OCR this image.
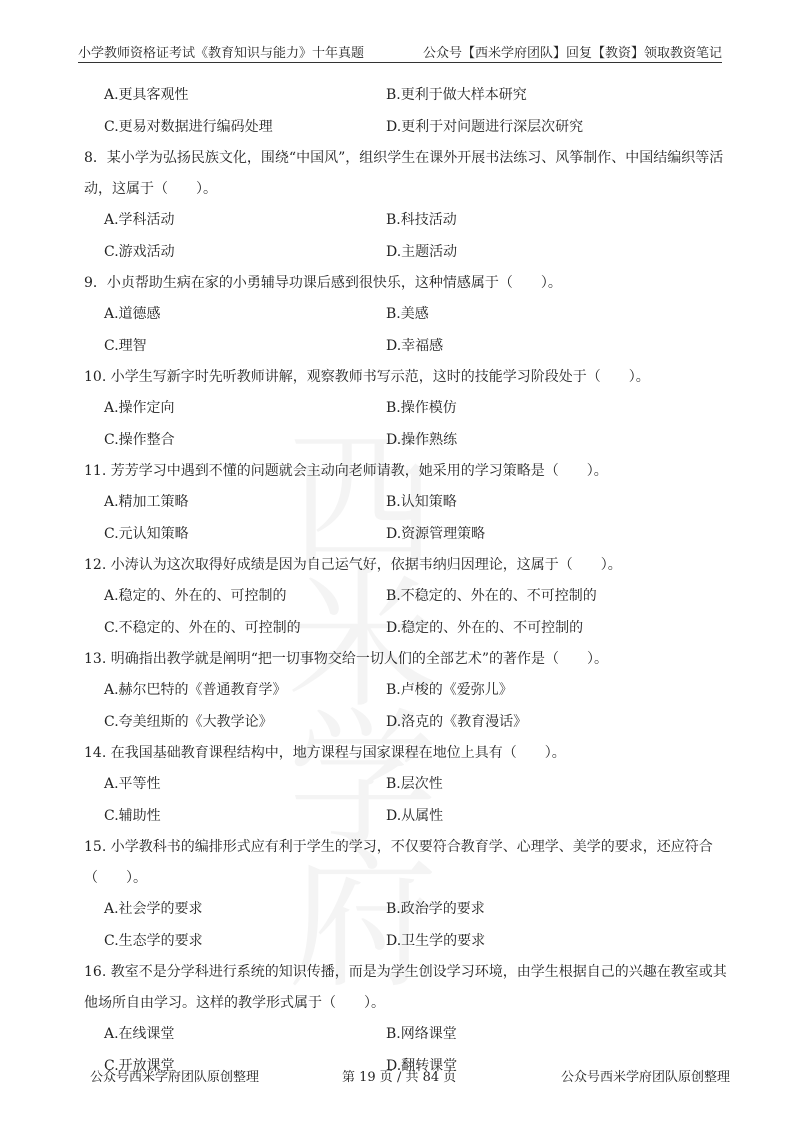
小学教师资格证考试《教育知识与能力》十年真题	公众号【西米学府团队】回复【教资】领取教资笔记
A.更具客观性	B.更利于做大样本研究
C.更易对数据进行编码处理	D.更利于对问题进行深层次研究

8．某小学为弘扬民族文化，围绕“中国风”，组织学生在课外开展书法练习、风筝制作、中国结编织等活动，这属于（　　）。

A.学科活动	B.科技活动
C.游戏活动	D.主题活动

9．小贞帮助生病在家的小勇辅导功课后感到很快乐，这种情感属于（　　）。

A.道德感	B.美感
C.理智	D.幸福感

10. 小学生写新字时先听教师讲解，观察教师书写示范，这时的技能学习阶段处于（　　）。

A.操作定向	B.操作模仿
C.操作整合	D.操作熟练

11. 芳芳学习中遇到不懂的问题就会主动向老师请教，她采用的学习策略是（　　）。

A.精加工策略	B.认知策略
C.元认知策略	D.资源管理策略

12. 小涛认为这次取得好成绩是因为自己运气好，依据韦纳归因理论，这属于（　　）。

A.稳定的、外在的、可控制的	B.不稳定的、外在的、不可控制的
C.不稳定的、外在的、可控制的	D.稳定的、外在的、不可控制的

13. 明确指出教学就是阐明“把一切事物交给一切人们的全部艺术”的著作是（　　）。

A.赫尔巴特的《普通教育学》	B.卢梭的《爱弥儿》
C.夸美纽斯的《大教学论》	D.洛克的《教育漫话》

14. 在我国基础教育课程结构中，地方课程与国家课程在地位上具有（　　）。

A.平等性	B.层次性
C.辅助性	D.从属性

15. 小学教科书的编排形式应有利于学生的学习，不仅要符合教育学、心理学、美学的要求，还应符合（　　）。

A.社会学的要求	B.政治学的要求
C.生态学的要求	D.卫生学的要求

16. 教室不是分学科进行系统的知识传播，而是为学生创设学习环境，由学生根据自己的兴趣在教室或其他场所自由学习。这样的教学形式属于（　　）。

A.在线课堂	B.网络课堂
C.开放课堂	D.翻转课堂
公众号西米学府团队原创整理	第 19 页 / 共 84 页	公众号西米学府团队原创整理
